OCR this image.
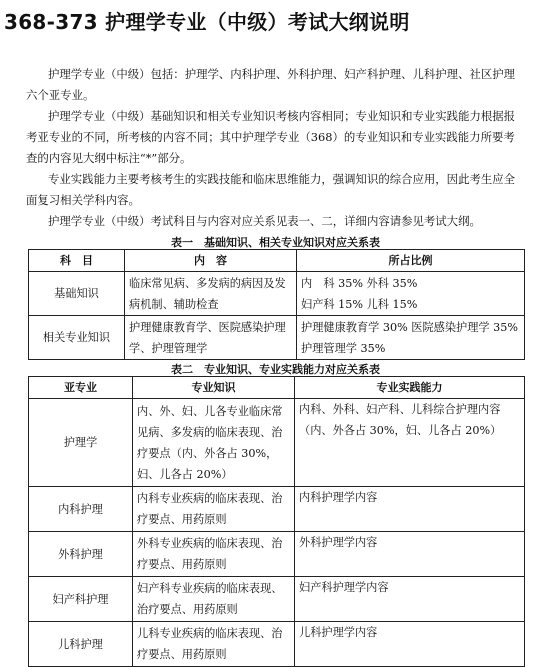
368-373 护理学专业（中级）考试大纲说明

护理学专业（中级）包括：护理学、内科护理、外科护理、妇产科护理、儿科护理、社区护理六个亚专业。

护理学专业（中级）基础知识和相关专业知识考核内容相同；专业知识和专业实践能力根据报考亚专业的不同，所考核的内容不同；其中护理学专业（368）的专业知识和专业实践能力所要考查的内容见大纲中标注“*”部分。

专业实践能力主要考核考生的实践技能和临床思维能力，强调知识的综合应用，因此考生应全面复习相关学科内容。

护理学专业（中级）考试科目与内容对应关系见表一、二，详细内容请参见考试大纲。

表一　基础知识、相关专业知识对应关系表

科　目	内　容	所占比例
基础知识	临床常见病、多发病的病因及发病机制、辅助检查	内　科 35% 外科 35%
妇产科 15% 儿科 15%
相关专业知识	护理健康教育学、医院感染护理学、护理管理学	护理健康教育学 30% 医院感染护理学 35% 护理管理学 35%

表二　专业知识、专业实践能力对应关系表

亚专业	专业知识	专业实践能力
护理学	内、外、妇、儿各专业临床常见病、多发病的临床表现、治疗要点（内、外各占 30%，妇、儿各占 20%）	内科、外科、妇产科、儿科综合护理内容（内、外各占 30%，妇、儿各占 20%）
内科护理	内科专业疾病的临床表现、治疗要点、用药原则	内科护理学内容
外科护理	外科专业疾病的临床表现、治疗要点、用药原则	外科护理学内容
妇产科护理	妇产科专业疾病的临床表现、治疗要点、用药原则	妇产科护理学内容
儿科护理	儿科专业疾病的临床表现、治疗要点、用药原则	儿科护理学内容
